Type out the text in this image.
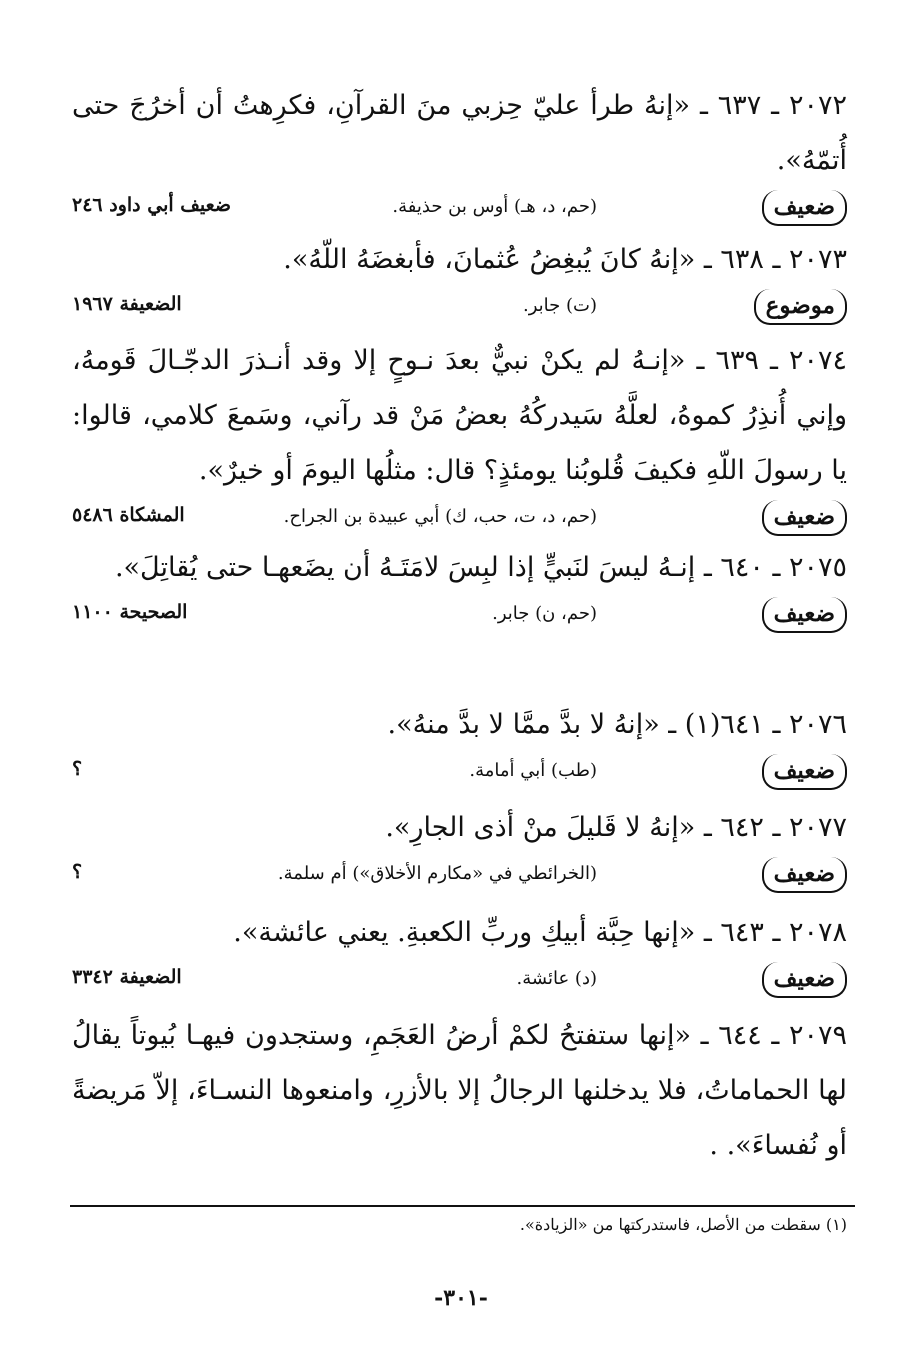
٢٠٧٢ ـ ٦٣٧ ـ «إنهُ طرأ عليّ حِزبي منَ القرآنِ، فكرِهتُ أن أخرُجَ حتى أُتمّهُ».

ضعيف
(حم، د، هـ) أوس بن حذيفة.
ضعيف أبي داود ٢٤٦

٢٠٧٣ ـ ٦٣٨ ـ «إنهُ كانَ يُبغِضُ عُثمانَ، فأبغضَهُ اللّهُ».

موضوع
(ت) جابر.
الضعيفة ١٩٦٧

٢٠٧٤ ـ ٦٣٩ ـ «إنـهُ لم يكنْ نبيٌّ بعدَ نـوحٍ إلا وقد أنـذرَ الدجّـالَ قَومهُ، وإني أُنذِرُ كموهُ، لعلَّهُ سَيدركُهُ بعضُ مَنْ قد رآني، وسَمعَ كلامي، قالوا: يا رسولَ اللّهِ فكيفَ قُلوبُنا يومئذٍ؟ قال: مثلُها اليومَ أو خيرٌ».

ضعيف
(حم، د، ت، حب، ك) أبي عبيدة بن الجراح.
المشكاة ٥٤٨٦

٢٠٧٥ ـ ٦٤٠ ـ إنـهُ ليسَ لنَبيٍّ إذا لبِسَ لامَتَـهُ أن يضَعهـا حتى يُقاتِلَ».

ضعيف
(حم، ن) جابر.
الصحيحة ١١٠٠

٢٠٧٦ ـ ٦٤١(١) ـ «إنهُ لا بدَّ ممَّا لا بدَّ منهُ».

ضعيف
(طب) أبي أمامة.
؟

٢٠٧٧ ـ ٦٤٢ ـ «إنهُ لا قَليلَ منْ أذى الجارِ».

ضعيف
(الخرائطي في «مكارم الأخلاق») أم سلمة.
؟

٢٠٧٨ ـ ٦٤٣ ـ «إنها حِبَّة أبيكِ وربِّ الكعبةِ. يعني عائشة».

ضعيف
(د) عائشة.
الضعيفة ٣٣٤٢

٢٠٧٩ ـ ٦٤٤ ـ «إنها ستفتحُ لكمْ أرضُ العَجَمِ، وستجدون فيهـا بُيوتاً يقالُ لها الحماماتُ، فلا يدخلنها الرجالُ إلا بالأزرِ، وامنعوها النسـاءَ، إلاّ مَريضةً أو نُفساءَ». .

(١) سقطت من الأصل، فاستدركتها من «الزيادة».
-٣٠١-
